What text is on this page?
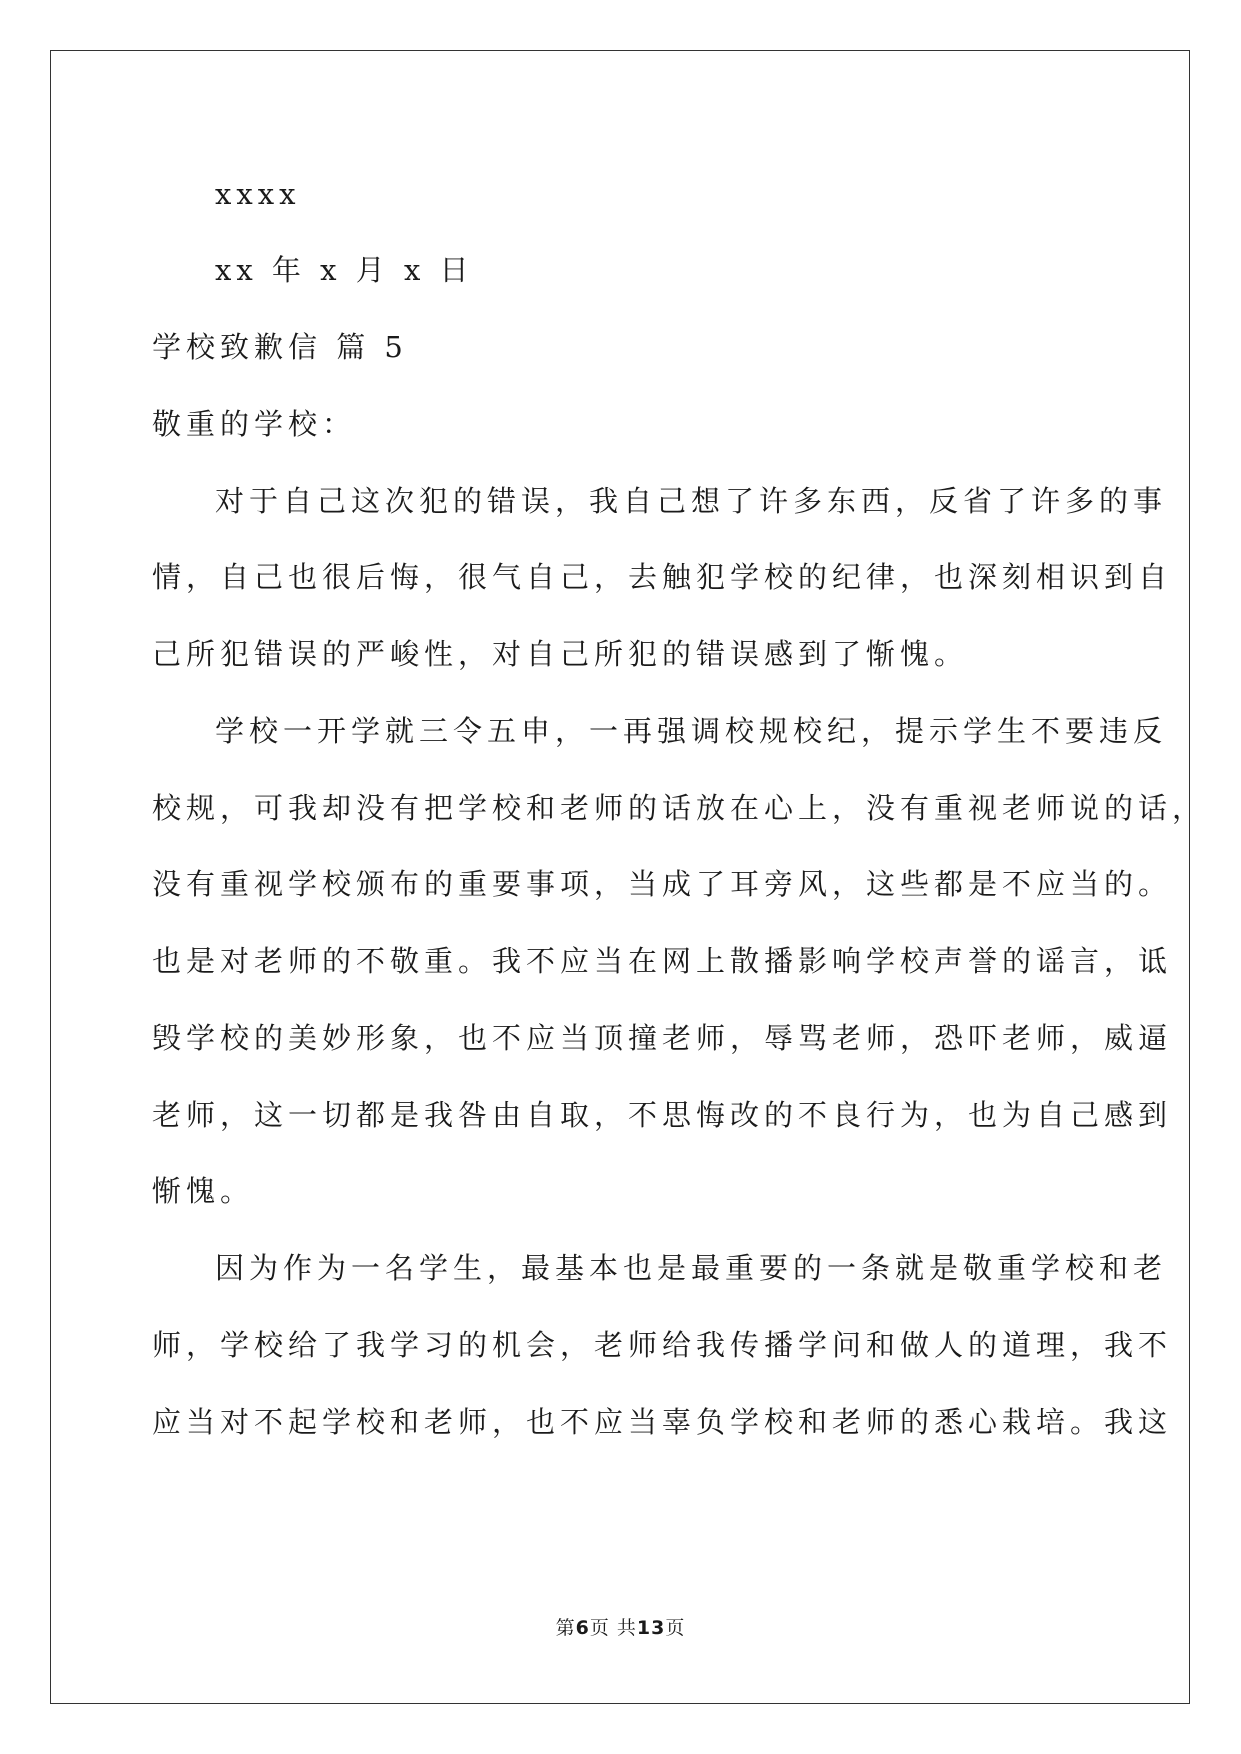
xxxx
xx 年 x 月 x 日
学校致歉信 篇 5
敬重的学校：
对于自己这次犯的错误，我自己想了许多东西，反省了许多的事
情，自己也很后悔，很气自己，去触犯学校的纪律，也深刻相识到自
己所犯错误的严峻性，对自己所犯的错误感到了惭愧。
学校一开学就三令五申，一再强调校规校纪，提示学生不要违反
校规，可我却没有把学校和老师的话放在心上，没有重视老师说的话，
没有重视学校颁布的重要事项，当成了耳旁风，这些都是不应当的。
也是对老师的不敬重。我不应当在网上散播影响学校声誉的谣言，诋
毁学校的美妙形象，也不应当顶撞老师，辱骂老师，恐吓老师，威逼
老师，这一切都是我咎由自取，不思悔改的不良行为，也为自己感到
惭愧。
因为作为一名学生，最基本也是最重要的一条就是敬重学校和老
师，学校给了我学习的机会，老师给我传播学问和做人的道理，我不
应当对不起学校和老师，也不应当辜负学校和老师的悉心栽培。我这
第6页 共13页
